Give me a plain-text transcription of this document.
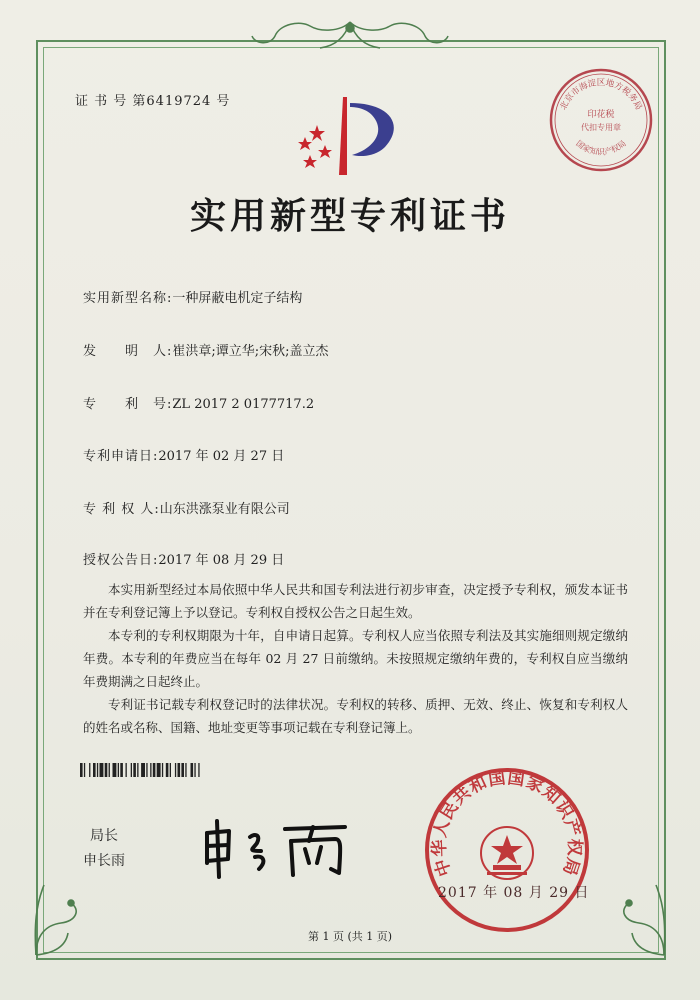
证 书 号 第6419724 号	北京市海淀区地方税务局
国家知识产权局
印花税
代扣专用章
实用新型专利证书
实用新型名称:一种屏蔽电机定子结构
发　　明　人:崔洪章;谭立华;宋秋;盖立杰
专　　利　号:ZL 2017 2 0177717.2
专利申请日:2017 年 02 月 27 日
专 利 权 人:山东洪涨泵业有限公司
授权公告日:2017 年 08 月 29 日

本实用新型经过本局依照中华人民共和国专利法进行初步审查，决定授予专利权，颁发本证书并在专利登记簿上予以登记。专利权自授权公告之日起生效。

本专利的专利权期限为十年，自申请日起算。专利权人应当依照专利法及其实施细则规定缴纳年费。本专利的年费应当在每年 02 月 27 日前缴纳。未按照规定缴纳年费的，专利权自应当缴纳年费期满之日起终止。

专利证书记载专利权登记时的法律状况。专利权的转移、质押、无效、终止、恢复和专利权人的姓名或名称、国籍、地址变更等事项记载在专利登记簿上。

局长
申长雨	中华人民共和国国家知识产权局
2017 年 08 月 29 日
第 1 页 (共 1 页)
